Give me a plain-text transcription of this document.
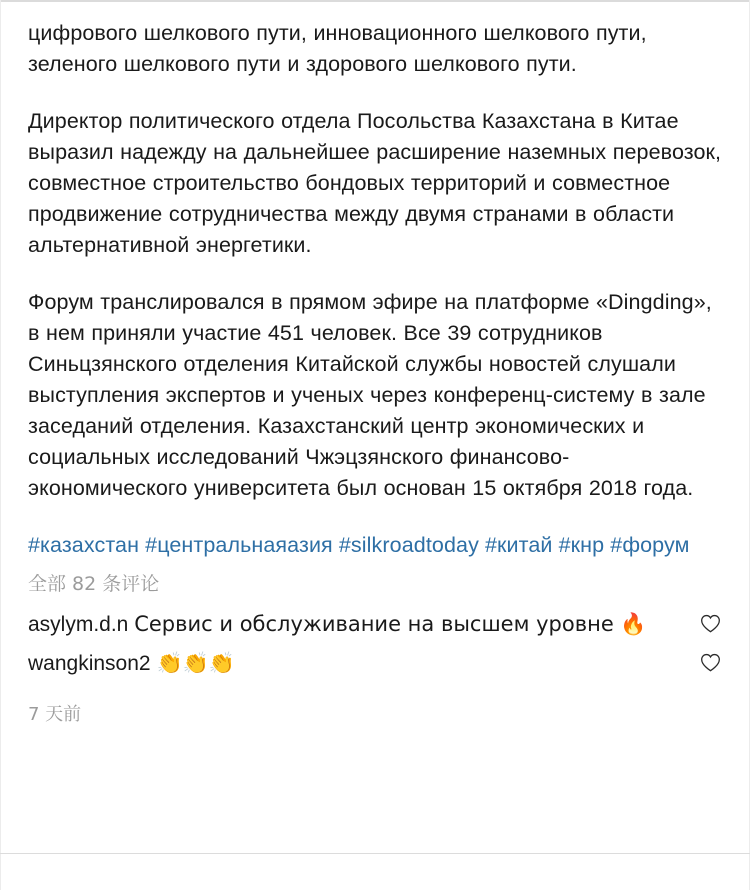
цифрового шелкового пути, инновационного шелкового пути, зеленого шелкового пути и здорового шелкового пути.

Директор политического отдела Посольства Казахстана в Китае выразил надежду на дальнейшее расширение наземных перевозок, совместное строительство бондовых территорий и совместное продвижение сотрудничества между двумя странами в области альтернативной энергетики.

Форум транслировался в прямом эфире на платформе «Dingding», в нем приняли участие 451 человек. Все 39 сотрудников Синьцзянского отделения Китайской службы новостей слушали выступления экспертов и ученых через конференц-систему в зале заседаний отделения. Казахстанский центр экономических и социальных исследований Чжэцзянского финансово-экономического университета был основан 15 октября 2018 года.

#казахстан #центральнаяазия #silkroadtoday #китай #кнр #форум

全部 82 条评论
asylym.d.n Сервис и обслуживание на высшем уровне 🔥
wangkinson2 👏👏👏
7 天前
